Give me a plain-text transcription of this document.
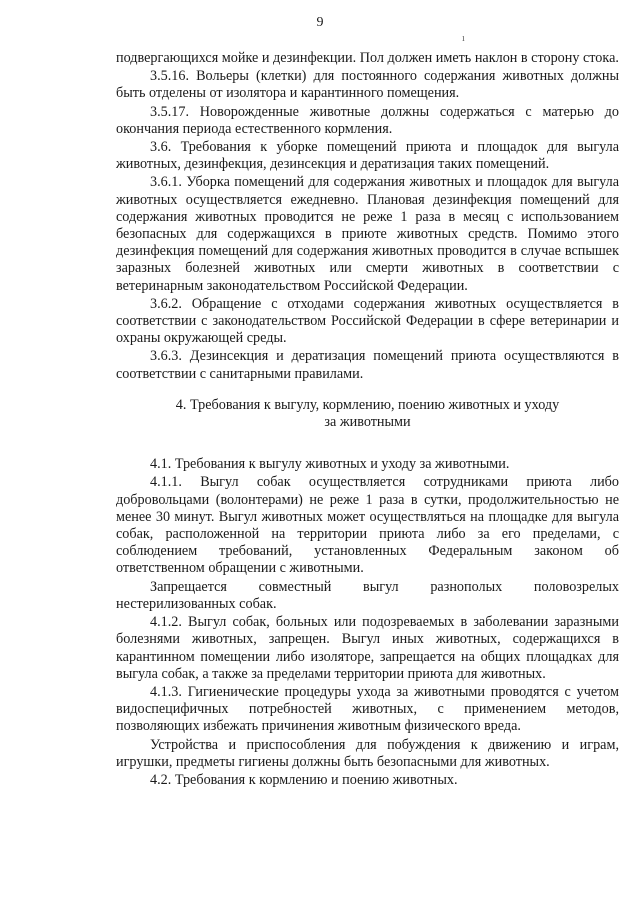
9
ı

подвергающихся мойке и дезинфекции. Пол должен иметь наклон в сторону стока.

3.5.16. Вольеры (клетки) для постоянного содержания животных должны быть отделены от изолятора и карантинного помещения.

3.5.17. Новорожденные животные должны содержаться с матерью до окончания периода естественного кормления.

3.6. Требования к уборке помещений приюта и площадок для выгула животных, дезинфекция, дезинсекция и дератизация таких помещений.

3.6.1. Уборка помещений для содержания животных и площадок для выгула животных осуществляется ежедневно. Плановая дезинфекция помещений для содержания животных проводится не реже 1 раза в месяц с использованием безопасных для содержащихся в приюте животных средств. Помимо этого дезинфекция помещений для содержания животных проводится в случае вспышек заразных болезней животных или смерти животных в соответствии с ветеринарным законодательством Российской Федерации.

3.6.2. Обращение с отходами содержания животных осуществляется в соответствии с законодательством Российской Федерации в сфере ветеринарии и охраны окружающей среды.

3.6.3. Дезинсекция и дератизация помещений приюта осуществляются в соответствии с санитарными правилами.

4. Требования к выгулу, кормлению, поению животных и уходу
за животными

4.1. Требования к выгулу животных и уходу за животными.

4.1.1. Выгул собак осуществляется сотрудниками приюта либо добровольцами (волонтерами) не реже 1 раза в сутки, продолжительностью не менее 30 минут. Выгул животных может осуществляться на площадке для выгула собак, расположенной на территории приюта либо за его пределами, с соблюдением требований, установленных Федеральным законом об ответственном обращении с животными.

Запрещается совместный выгул разнополых половозрелых нестерилизованных собак.

4.1.2. Выгул собак, больных или подозреваемых в заболевании заразными болезнями животных, запрещен. Выгул иных животных, содержащихся в карантинном помещении либо изоляторе, запрещается на общих площадках для выгула собак, а также за пределами территории приюта для животных.

4.1.3. Гигиенические процедуры ухода за животными проводятся с учетом видоспецифичных потребностей животных, с применением методов, позволяющих избежать причинения животным физического вреда.

Устройства и приспособления для побуждения к движению и играм, игрушки, предметы гигиены должны быть безопасными для животных.

4.2. Требования к кормлению и поению животных.
